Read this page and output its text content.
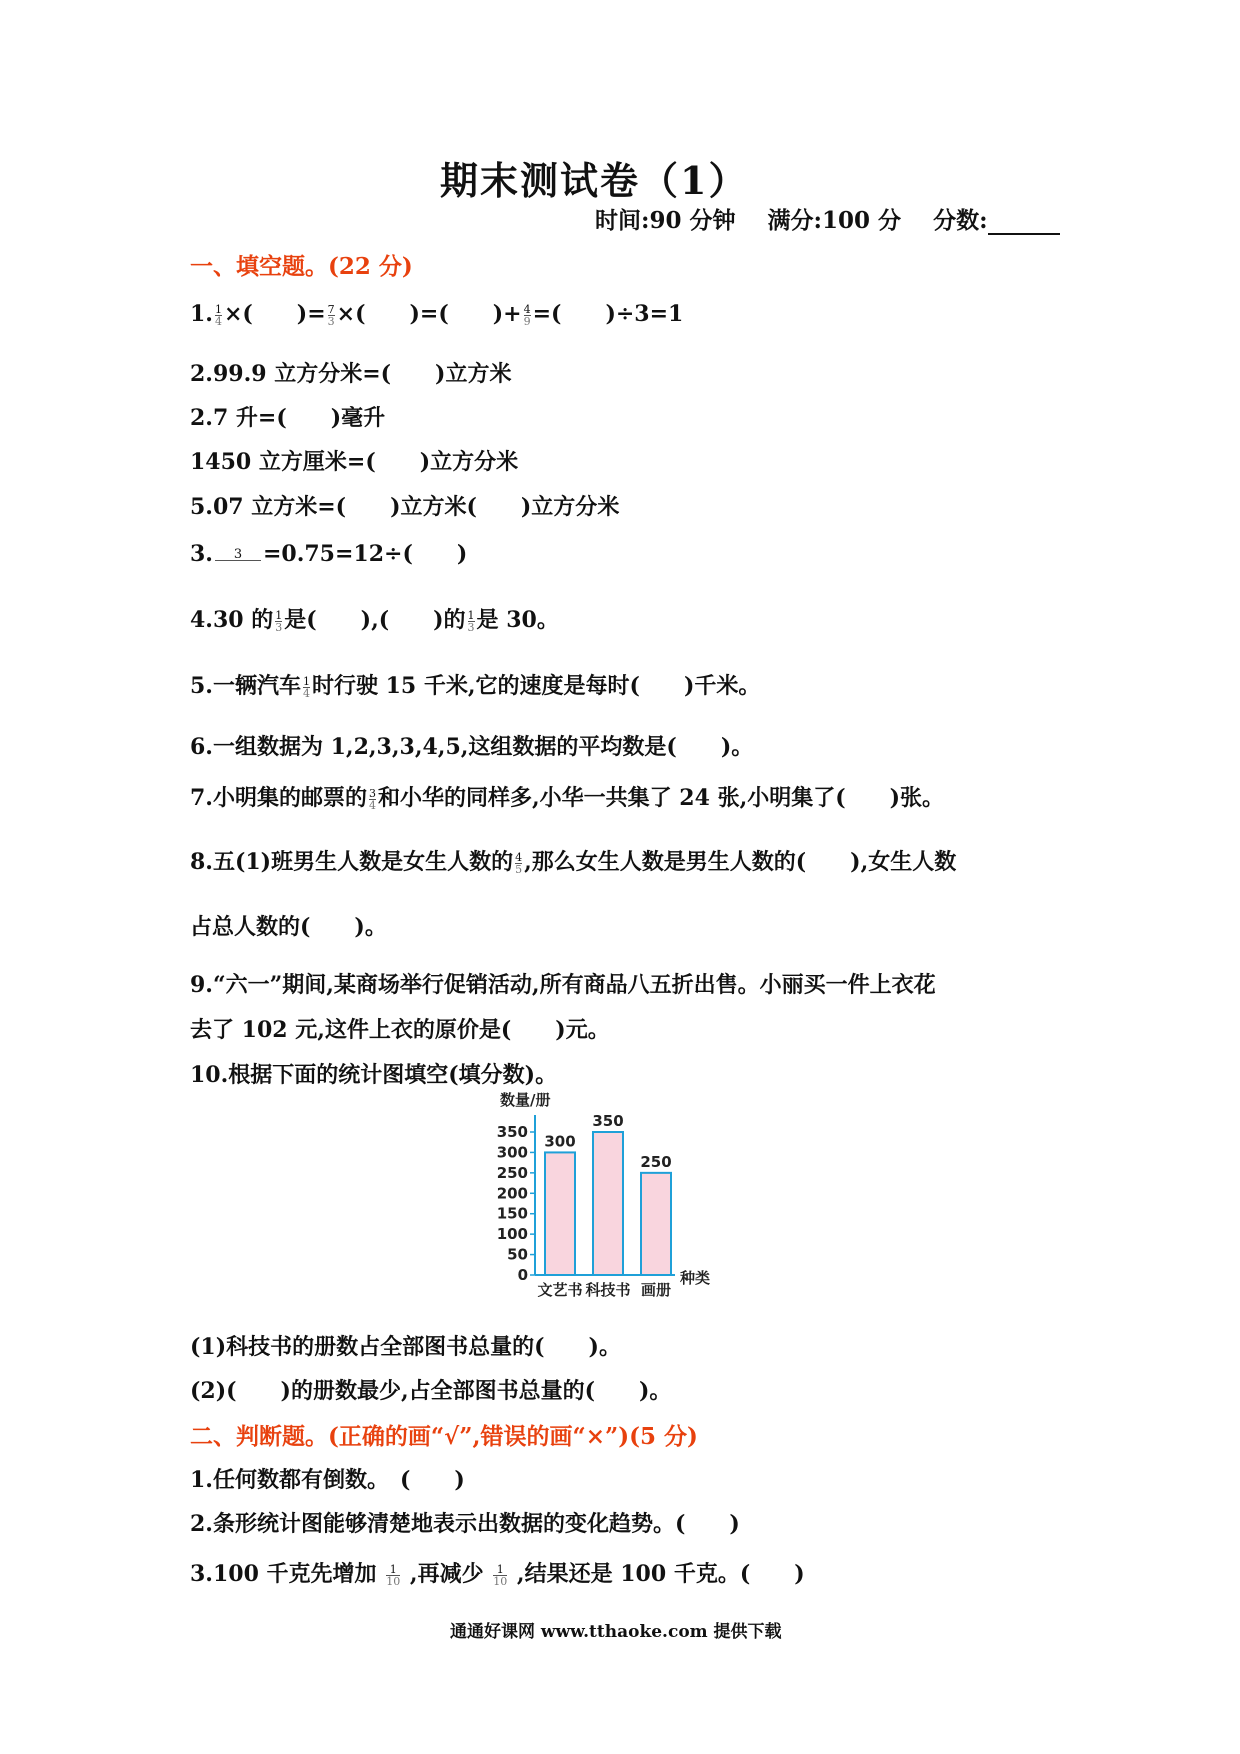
期末测试卷（1）
时间:90 分钟 满分:100 分 分数:
一、填空题。(22 分)
1. $\frac{1}{4}$ ×(　　)= $\frac{7}{3}$ ×(　　)=(　　)+ $\frac{4}{9}$ =(　　)÷3=1
2.99.9 立方分米=(　　)立方米
2.7 升=(　　)毫升
1450 立方厘米=(　　)立方分米
5.07 立方米=(　　)立方米(　　)立方分米
3.	3 =0.75=12÷(　　)
4.30 的 $\frac{1}{3}$ 是(　　),(　　)的 $\frac{1}{3}$ 是 30。
5.一辆汽车 $\frac{1}{4}$ 时行驶 15 千米,它的速度是每时(　　)千米。
6.一组数据为 1,2,3,3,4,5,这组数据的平均数是(　　)。
7.小明集的邮票的 $\frac{3}{4}$ 和小华的同样多,小华一共集了 24 张,小明集了(　　)张。
8.五(1)班男生人数是女生人数的 $\frac{4}{5}$ ,那么女生人数是男生人数的(　　),女生人数
占总人数的(　　)。
9.“六一”期间,某商场举行促销活动,所有商品八五折出售。小丽买一件上衣花
去了 102 元,这件上衣的原价是(　　)元。
10.根据下面的统计图填空(填分数)。
数量/册
0
50
100
150
200
250
300
350
300
文艺书
350
科技书
250
画册
种类
(1)科技书的册数占全部图书总量的(　　)。
(2)(　　)的册数最少,占全部图书总量的(　　)。
二、判断题。(正确的画“√”,错误的画“×”)(5 分)
1.任何数都有倒数。　(　　)
2.条形统计图能够清楚地表示出数据的变化趋势。(　　)
3.100 千克先增加 $\frac{1}{10}$ ,再减少 $\frac{1}{10}$ ,结果还是 100 千克。(　　)
通通好课网 www.tthaoke.com 提供下载
